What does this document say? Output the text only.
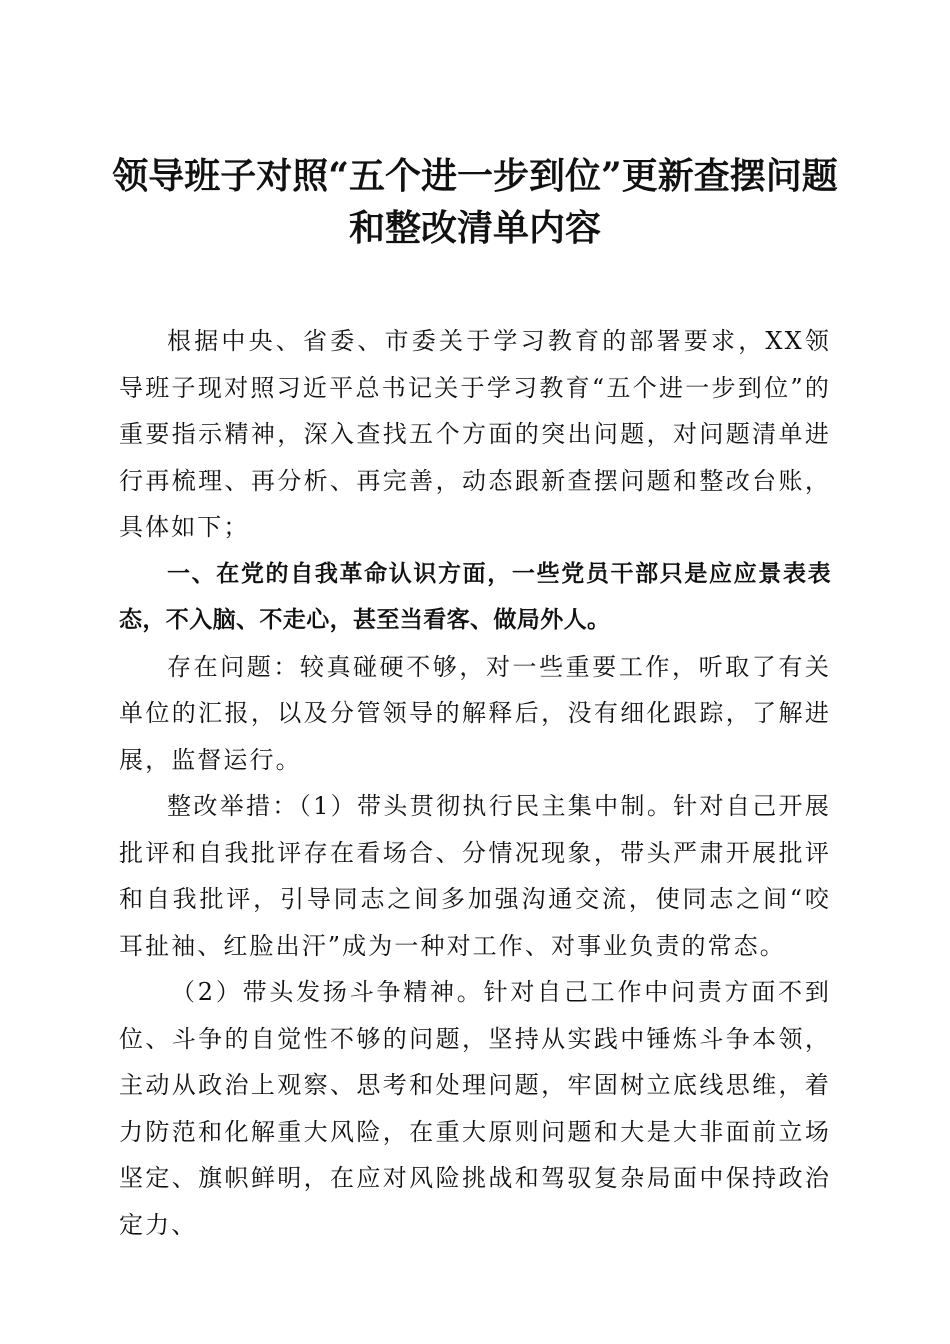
领导班子对照“五个进一步到位”更新查摆问题和整改清单内容

根据中央、省委、市委关于学习教育的部署要求，XX领导班子现对照习近平总书记关于学习教育“五个进一步到位”的重要指示精神，深入查找五个方面的突出问题，对问题清单进行再梳理、再分析、再完善，动态跟新查摆问题和整改台账，具体如下；

一、在党的自我革命认识方面，一些党员干部只是应应景表表态，不入脑、不走心，甚至当看客、做局外人。

存在问题：较真碰硬不够，对一些重要工作，听取了有关单位的汇报，以及分管领导的解释后，没有细化跟踪，了解进展，监督运行。

整改举措：（1）带头贯彻执行民主集中制。针对自己开展批评和自我批评存在看场合、分情况现象，带头严肃开展批评和自我批评，引导同志之间多加强沟通交流，使同志之间“咬耳扯袖、红脸出汗”成为一种对工作、对事业负责的常态。

（2）带头发扬斗争精神。针对自己工作中问责方面不到位、斗争的自觉性不够的问题，坚持从实践中锤炼斗争本领，主动从政治上观察、思考和处理问题，牢固树立底线思维，着力防范和化解重大风险，在重大原则问题和大是大非面前立场坚定、旗帜鲜明，在应对风险挑战和驾驭复杂局面中保持政治定力、
